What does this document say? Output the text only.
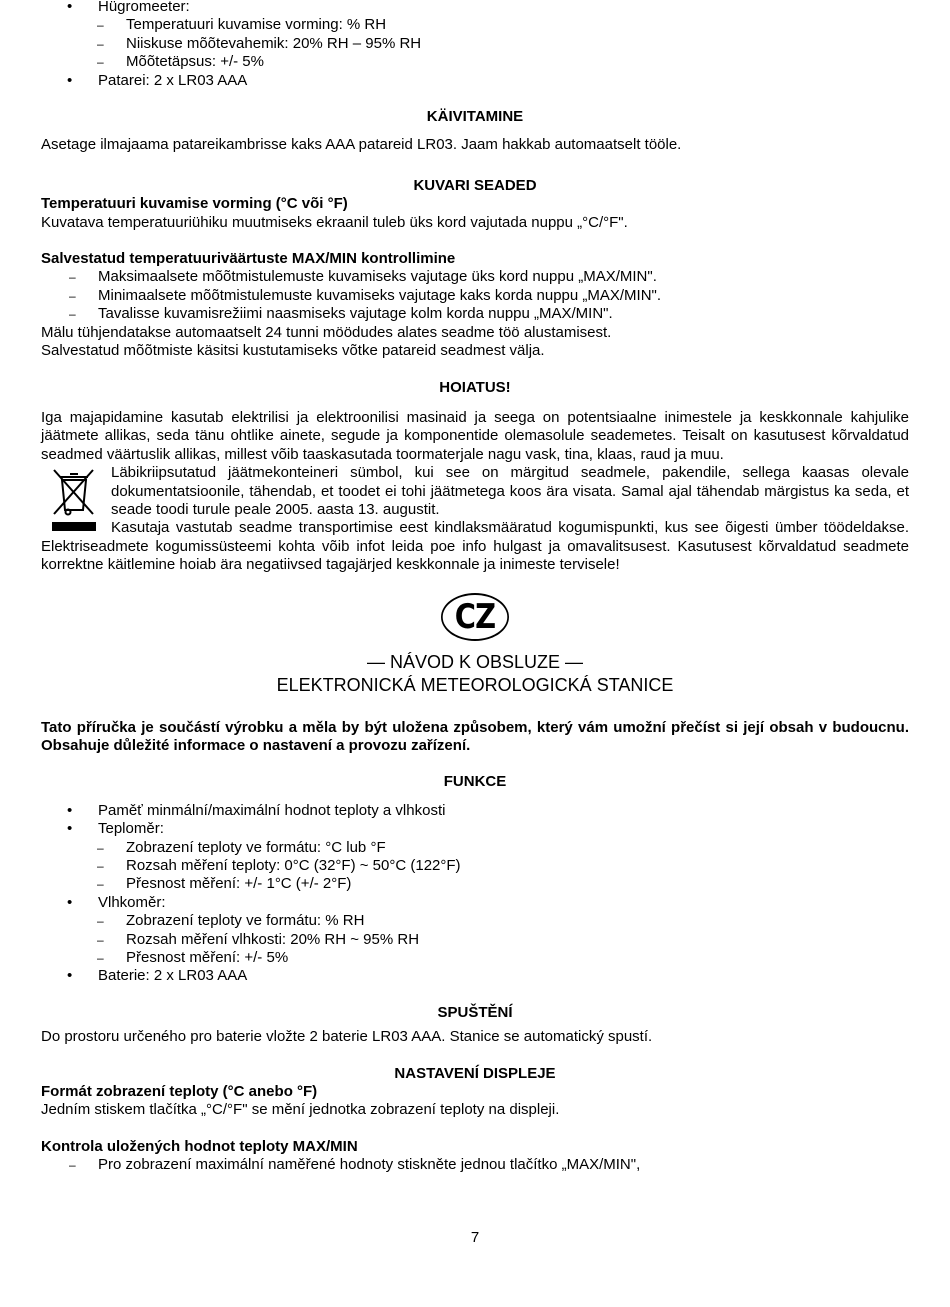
• Hügromeeter:

– Temperatuuri kuvamise vorming: % RH

– Niiskuse mõõtevahemik: 20% RH – 95% RH

– Mõõtetäpsus: +/- 5%

• Patarei: 2 x LR03 AAA

KÄIVITAMINE

Asetage ilmajaama patareikambrisse kaks AAA patareid LR03. Jaam hakkab automaatselt tööle.

KUVARI SEADED

Temperatuuri kuvamise vorming (°C või °F)

Kuvatava temperatuuriühiku muutmiseks ekraanil tuleb üks kord vajutada nuppu „°C/°F".

Salvestatud temperatuuriväärtuste MAX/MIN kontrollimine

– Maksimaalsete mõõtmistulemuste kuvamiseks vajutage üks kord nuppu „MAX/MIN".

– Minimaalsete mõõtmistulemuste kuvamiseks vajutage kaks korda nuppu „MAX/MIN".

– Tavalisse kuvamisrežiimi naasmiseks vajutage kolm korda nuppu „MAX/MIN".

Mälu tühjendatakse automaatselt 24 tunni möödudes alates seadme töö alustamisest.

Salvestatud mõõtmiste käsitsi kustutamiseks võtke patareid seadmest välja.

HOIATUS!

Iga majapidamine kasutab elektrilisi ja elektroonilisi masinaid ja seega on potentsiaalne inimestele ja keskkonnale kahjulike jäätmete allikas, seda tänu ohtlike ainete, segude ja komponentide olemasolule seademetes. Teisalt on kasutusest kõrvaldatud seadmed väärtuslik allikas, millest võib taaskasutada toormaterjale nagu vask, tina, klaas, raud ja muu.

Läbikriipsutatud jäätmekonteineri sümbol, kui see on märgitud seadmele, pakendile, sellega kaasas olevale dokumentatsioonile, tähendab, et toodet ei tohi jäätmetega koos ära visata. Samal ajal tähendab märgistus ka seda, et seade toodi turule peale 2005. aasta 13. augustit.

Kasutaja vastutab seadme transportimise eest kindlaksmääratud kogumispunkti, kus see õigesti ümber töödeldakse. Elektriseadmete kogumissüsteemi kohta võib infot leida poe info hulgast ja omavalitsusest. Kasutusest kõrvaldatud seadmete korrektne käitlemine hoiab ära negatiivsed tagajärjed keskkonnale ja inimeste tervisele!

CZ

— NÁVOD K OBSLUZE —

ELEKTRONICKÁ METEOROLOGICKÁ STANICE

Tato příručka je součástí výrobku a měla by být uložena způsobem, který vám umožní přečíst si její obsah v budoucnu. Obsahuje důležité informace o nastavení a provozu zařízení.

FUNKCE

• Paměť minmální/maximální hodnot teploty a vlhkosti

• Teploměr:

– Zobrazení teploty ve formátu: °C lub °F

– Rozsah měření teploty: 0°C (32°F) ~ 50°C (122°F)

– Přesnost měření: +/- 1°C (+/- 2°F)

• Vlhkoměr:

– Zobrazení teploty ve formátu: % RH

– Rozsah měření vlhkosti: 20% RH ~ 95% RH

– Přesnost měření: +/- 5%

• Baterie: 2 x LR03 AAA

SPUŠTĚNÍ

Do prostoru určeného pro baterie vložte 2 baterie LR03 AAA. Stanice se automatický spustí.

NASTAVENÍ DISPLEJE

Formát zobrazení teploty (°C anebo °F)

Jedním stiskem tlačítka „°C/°F" se mění jednotka zobrazení teploty na displeji.

Kontrola uložených hodnot teploty MAX/MIN

– Pro zobrazení maximální naměřené hodnoty stiskněte jednou tlačítko „MAX/MIN",

7
